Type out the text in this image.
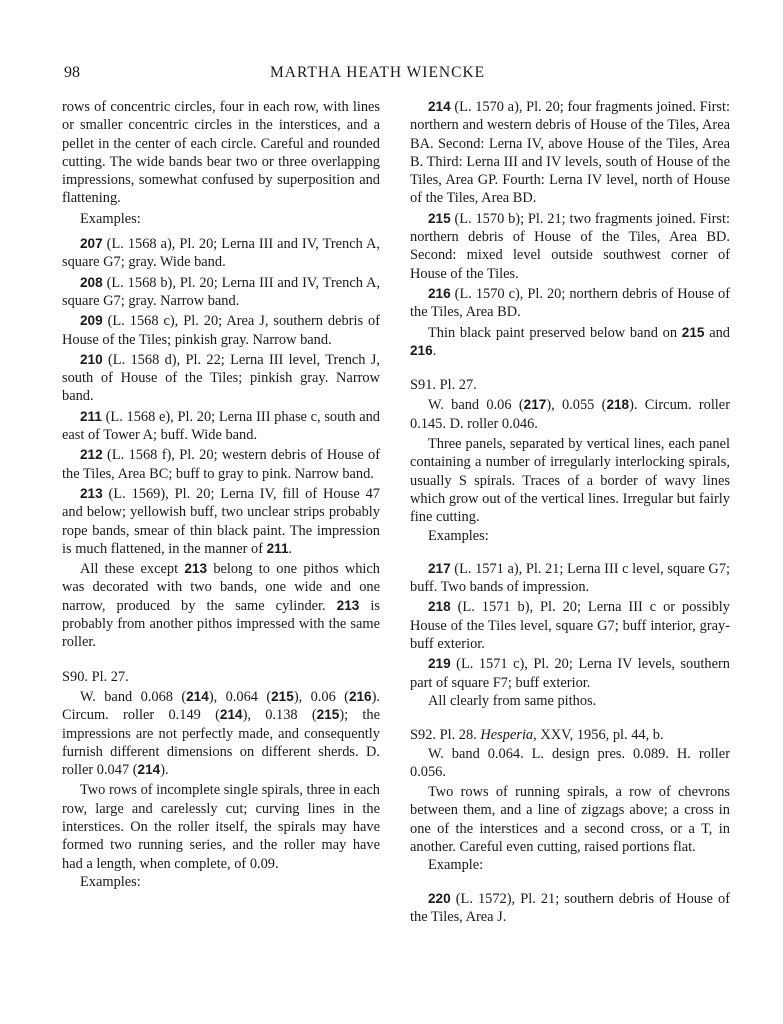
98	MARTHA HEATH WIENCKE

rows of concentric circles, four in each row, with lines or smaller concentric circles in the interstices, and a pellet in the center of each circle. Careful and rounded cutting. The wide bands bear two or three overlapping impressions, somewhat confused by superposition and flattening.

Examples:

207 (L. 1568 a), Pl. 20; Lerna III and IV, Trench A, square G7; gray. Wide band.

208 (L. 1568 b), Pl. 20; Lerna III and IV, Trench A, square G7; gray. Narrow band.

209 (L. 1568 c), Pl. 20; Area J, southern debris of House of the Tiles; pinkish gray. Narrow band.

210 (L. 1568 d), Pl. 22; Lerna III level, Trench J, south of House of the Tiles; pinkish gray. Narrow band.

211 (L. 1568 e), Pl. 20; Lerna III phase c, south and east of Tower A; buff. Wide band.

212 (L. 1568 f), Pl. 20; western debris of House of the Tiles, Area BC; buff to gray to pink. Narrow band.

213 (L. 1569), Pl. 20; Lerna IV, fill of House 47 and below; yellowish buff, two unclear strips probably rope bands, smear of thin black paint. The impression is much flattened, in the manner of 211.

All these except 213 belong to one pithos which was decorated with two bands, one wide and one narrow, produced by the same cylinder. 213 is probably from another pithos impressed with the same roller.

S90. Pl. 27.

W. band 0.068 (214), 0.064 (215), 0.06 (216). Circum. roller 0.149 (214), 0.138 (215); the impressions are not perfectly made, and consequently furnish different dimensions on different sherds. D. roller 0.047 (214).

Two rows of incomplete single spirals, three in each row, large and carelessly cut; curving lines in the interstices. On the roller itself, the spirals may have formed two running series, and the roller may have had a length, when complete, of 0.09.

Examples:

214 (L. 1570 a), Pl. 20; four fragments joined. First: northern and western debris of House of the Tiles, Area BA. Second: Lerna IV, above House of the Tiles, Area B. Third: Lerna III and IV levels, south of House of the Tiles, Area GP. Fourth: Lerna IV level, north of House of the Tiles, Area BD.

215 (L. 1570 b); Pl. 21; two fragments joined. First: northern debris of House of the Tiles, Area BD. Second: mixed level outside southwest corner of House of the Tiles.

216 (L. 1570 c), Pl. 20; northern debris of House of the Tiles, Area BD.

Thin black paint preserved below band on 215 and 216.

S91. Pl. 27.

W. band 0.06 (217), 0.055 (218). Circum. roller 0.145. D. roller 0.046.

Three panels, separated by vertical lines, each panel containing a number of irregularly interlocking spirals, usually S spirals. Traces of a border of wavy lines which grow out of the vertical lines. Irregular but fairly fine cutting.

Examples:

217 (L. 1571 a), Pl. 21; Lerna III c level, square G7; buff. Two bands of impression.

218 (L. 1571 b), Pl. 20; Lerna III c or possibly House of the Tiles level, square G7; buff interior, gray-buff exterior.

219 (L. 1571 c), Pl. 20; Lerna IV levels, southern part of square F7; buff exterior.

All clearly from same pithos.

S92. Pl. 28. Hesperia, XXV, 1956, pl. 44, b.

W. band 0.064. L. design pres. 0.089. H. roller 0.056.

Two rows of running spirals, a row of chevrons between them, and a line of zigzags above; a cross in one of the interstices and a second cross, or a T, in another. Careful even cutting, raised portions flat.

Example:

220 (L. 1572), Pl. 21; southern debris of House of the Tiles, Area J.
